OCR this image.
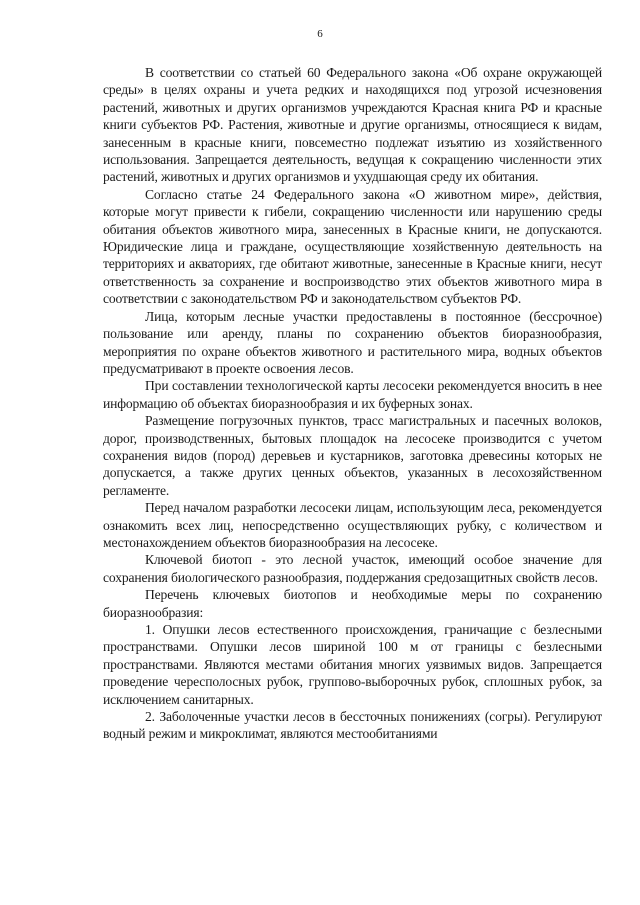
6

В соответствии со статьей 60 Федерального закона «Об охране окружающей среды» в целях охраны и учета редких и находящихся под угрозой исчезновения растений, животных и других организмов учреждаются Красная книга РФ и красные книги субъектов РФ. Растения, животные и другие организмы, относящиеся к видам, занесенным в красные книги, повсеместно подлежат изъятию из хозяйственного использования. Запрещается деятельность, ведущая к сокращению численности этих растений, животных и других организмов и ухудшающая среду их обитания.

Согласно статье 24 Федерального закона «О животном мире», действия, которые могут привести к гибели, сокращению численности или нарушению среды обитания объектов животного мира, занесенных в Красные книги, не допускаются. Юридические лица и граждане, осуществляющие хозяйственную деятельность на территориях и акваториях, где обитают животные, занесенные в Красные книги, несут ответственность за сохранение и воспроизводство этих объектов животного мира в соответствии с законодательством РФ и законодательством субъектов РФ.

Лица, которым лесные участки предоставлены в постоянное (бессрочное) пользование или аренду, планы по сохранению объектов биоразнообразия, мероприятия по охране объектов животного и растительного мира, водных объектов предусматривают в проекте освоения лесов.

При составлении технологической карты лесосеки рекомендуется вносить в нее информацию об объектах биоразнообразия и их буферных зонах.

Размещение погрузочных пунктов, трасс магистральных и пасечных волоков, дорог, производственных, бытовых площадок на лесосеке производится с учетом сохранения видов (пород) деревьев и кустарников, заготовка древесины которых не допускается, а также других ценных объектов, указанных в лесохозяйственном регламенте.

Перед началом разработки лесосеки лицам, использующим леса, рекомендуется ознакомить всех лиц, непосредственно осуществляющих рубку, с количеством и местонахождением объектов биоразнообразия на лесосеке.

Ключевой биотоп - это лесной участок, имеющий особое значение для сохранения биологического разнообразия, поддержания средозащитных свойств лесов.

Перечень ключевых биотопов и необходимые меры по сохранению биоразнообразия:

1. Опушки лесов естественного происхождения, граничащие с безлесными пространствами. Опушки лесов шириной 100 м от границы с безлесными пространствами. Являются местами обитания многих уязвимых видов. Запрещается проведение чересполосных рубок, группово-выборочных рубок, сплошных рубок, за исключением санитарных.

2. Заболоченные участки лесов в бессточных понижениях (согры). Регулируют водный режим и микроклимат, являются местообитаниями
